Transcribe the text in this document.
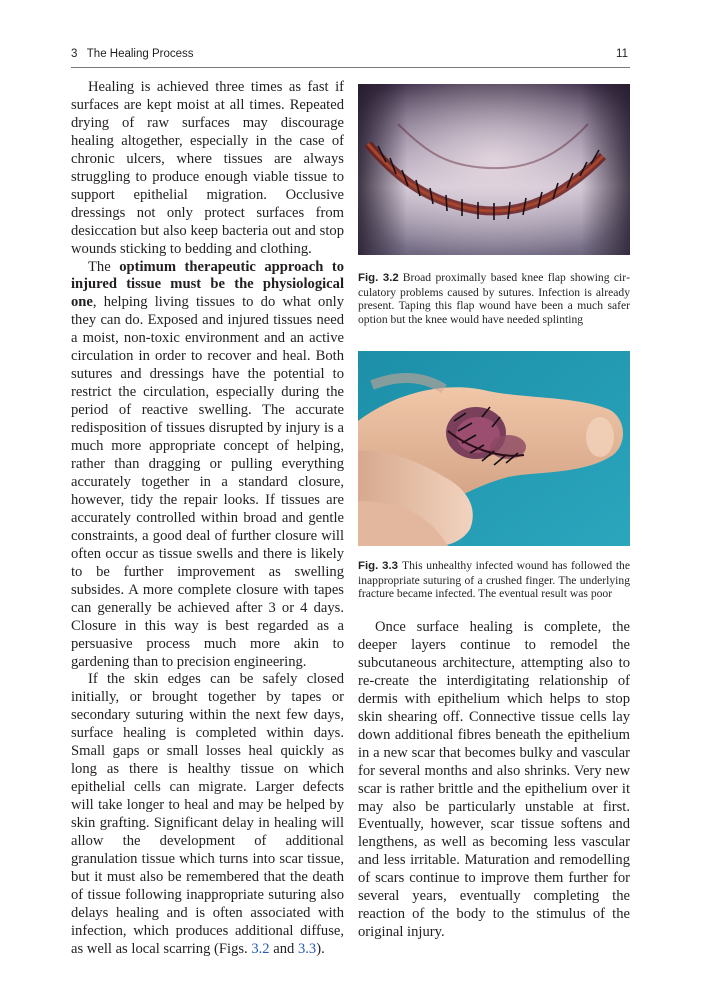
3   The Healing Process	11

Healing is achieved three times as fast if surfaces are kept moist at all times. Repeated drying of raw surfaces may discourage healing altogether, especially in the case of chronic ulcers, where tissues are always struggling to produce enough viable tissue to support epithelial migration. Occlusive dressings not only protect surfaces from desiccation but also keep bacteria out and stop wounds sticking to bedding and clothing.

The optimum therapeutic approach to injured tissue must be the physiological one, helping living tissues to do what only they can do. Exposed and injured tissues need a moist, non-toxic environment and an active circulation in order to recover and heal. Both sutures and dressings have the potential to restrict the circulation, especially during the period of reactive swelling. The accurate redisposition of tissues disrupted by injury is a much more appropriate concept of helping, rather than dragging or pulling everything accurately together in a standard closure, however, tidy the repair looks. If tissues are accurately controlled within broad and gentle constraints, a good deal of further closure will often occur as tissue swells and there is likely to be further improvement as swelling subsides. A more complete closure with tapes can generally be achieved after 3 or 4 days. Closure in this way is best regarded as a persuasive process much more akin to gardening than to precision engineering.

If the skin edges can be safely closed initially, or brought together by tapes or secondary suturing within the next few days, surface healing is completed within days. Small gaps or small losses heal quickly as long as there is healthy tissue on which epithelial cells can migrate. Larger defects will take longer to heal and may be helped by skin grafting. Significant delay in healing will allow the development of additional granulation tissue which turns into scar tissue, but it must also be remembered that the death of tissue following inappropriate suturing also delays healing and is often associated with infection, which produces additional diffuse, as well as local scarring (Figs. 3.2 and 3.3).

Fig. 3.2 Broad proximally based knee flap showing circulatory problems caused by sutures. Infection is already present. Taping this flap wound have been a much safer option but the knee would have needed splinting
Fig. 3.3 This unhealthy infected wound has followed the inappropriate suturing of a crushed finger. The underlying fracture became infected. The eventual result was poor

Once surface healing is complete, the deeper layers continue to remodel the subcutaneous architecture, attempting also to re-create the interdigitating relationship of dermis with epithelium which helps to stop skin shearing off. Connective tissue cells lay down additional fibres beneath the epithelium in a new scar that becomes bulky and vascular for several months and also shrinks. Very new scar is rather brittle and the epithelium over it may also be particularly unstable at first. Eventually, however, scar tissue softens and lengthens, as well as becoming less vascular and less irritable. Maturation and remodelling of scars continue to improve them further for several years, eventually completing the reaction of the body to the stimulus of the original injury.
